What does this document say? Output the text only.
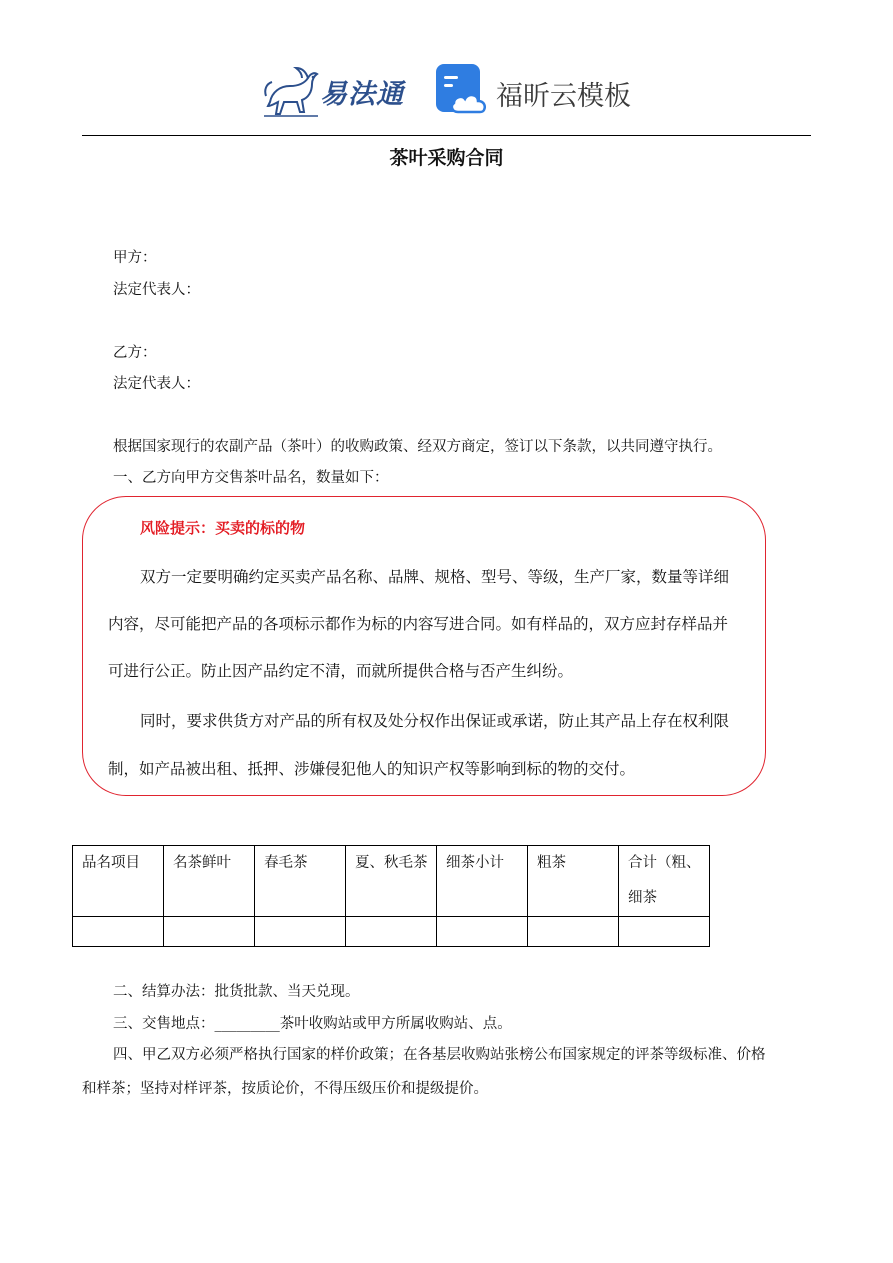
易法通	福昕云模板
茶叶采购合同
甲方：
法定代表人：
乙方：
法定代表人：
根据国家现行的农副产品（茶叶）的收购政策、经双方商定，签订以下条款，以共同遵守执行。
一、乙方向甲方交售茶叶品名，数量如下：
风险提示：买卖的标的物
双方一定要明确约定买卖产品名称、品牌、规格、型号、等级，生产厂家，数量等详细
内容，尽可能把产品的各项标示都作为标的内容写进合同。如有样品的，双方应封存样品并
可进行公正。防止因产品约定不清，而就所提供合格与否产生纠纷。
同时，要求供货方对产品的所有权及处分权作出保证或承诺，防止其产品上存在权利限
制，如产品被出租、抵押、涉嫌侵犯他人的知识产权等影响到标的物的交付。
品名项目	名茶鲜叶	春毛茶	夏、秋毛茶	细茶小计	粗茶	合计（粗、
细茶

二、结算办法：批货批款、当天兑现。
三、交售地点：_________茶叶收购站或甲方所属收购站、点。
四、甲乙双方必须严格执行国家的样价政策；在各基层收购站张榜公布国家规定的评茶等级标准、价格
和样茶；坚持对样评茶，按质论价，不得压级压价和提级提价。
